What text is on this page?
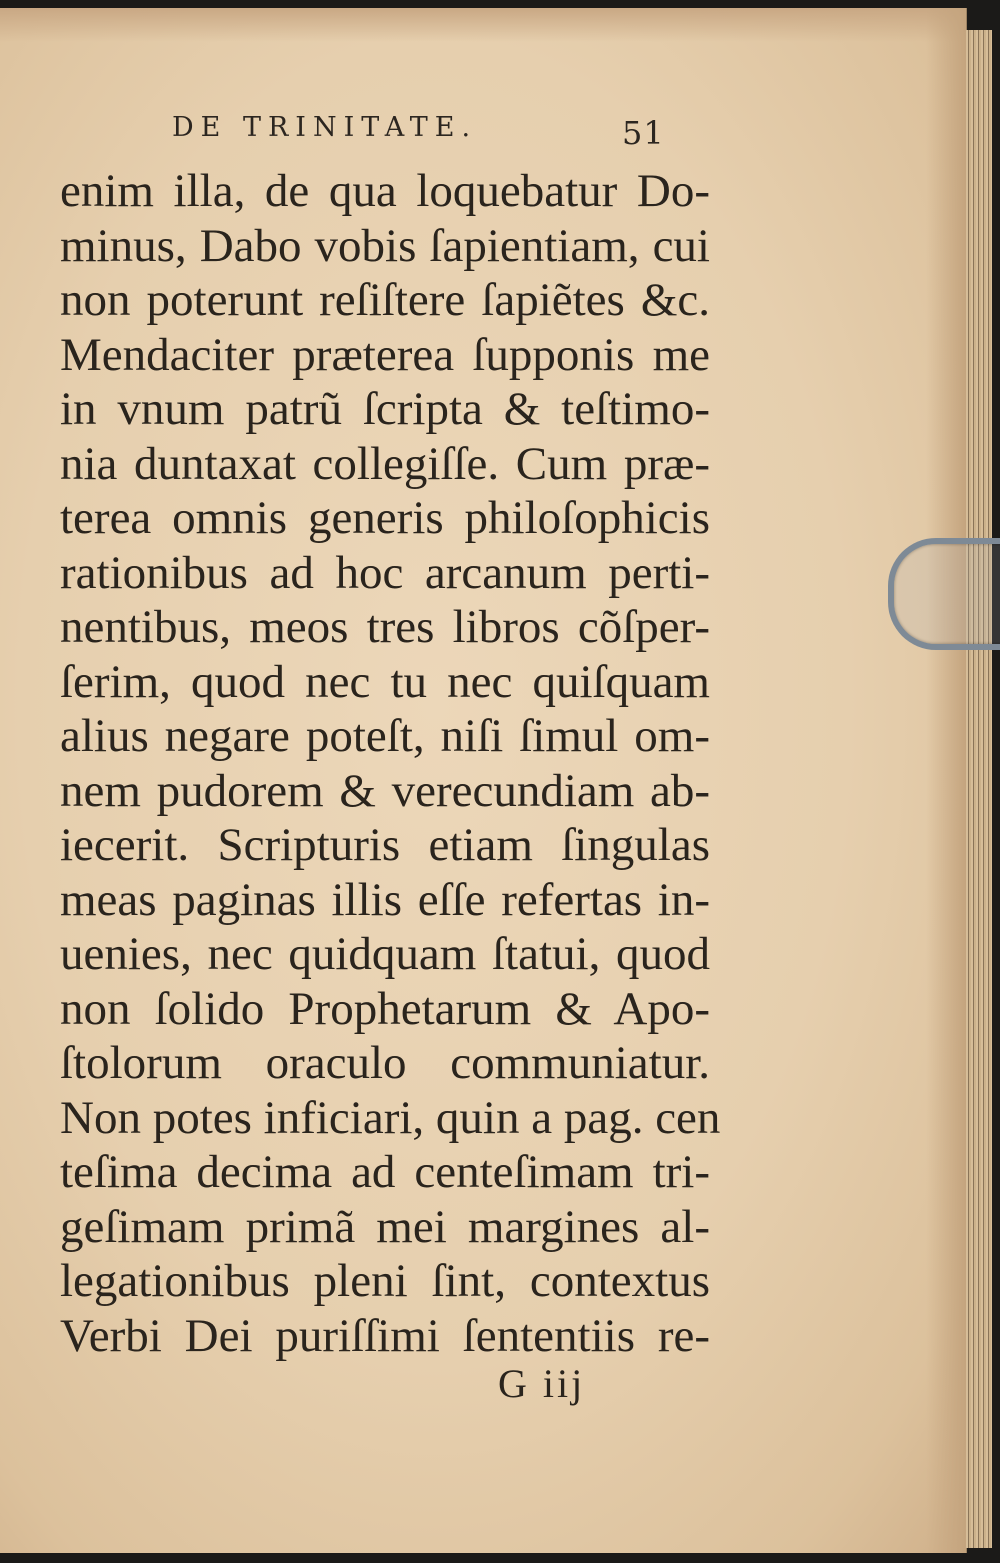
DE TRINITATE.	51
enim illa, de qua loquebatur Do-
minus, Dabo vobis ſapientiam, cui
non poterunt reſiſtere ſapiẽtes &c.
Mendaciter præterea ſupponis me
in vnum patrũ ſcripta & teſtimo-
nia duntaxat collegiſſe. Cum præ-
terea omnis generis philoſophicis
rationibus ad hoc arcanum perti-
nentibus, meos tres libros cõſper-
ſerim, quod nec tu nec quiſquam
alius negare poteſt, niſi ſimul om-
nem pudorem & verecundiam ab-
iecerit. Scripturis etiam ſingulas
meas paginas illis eſſe refertas in-
uenies, nec quidquam ſtatui, quod
non ſolido Prophetarum & Apo-
ſtolorum oraculo communiatur.
Non potes inficiari, quin a pag. cen
teſima decima ad centeſimam tri-
geſimam primã mei margines al-
legationibus pleni ſint, contextus
Verbi Dei puriſſimi ſententiis re-
G iij
